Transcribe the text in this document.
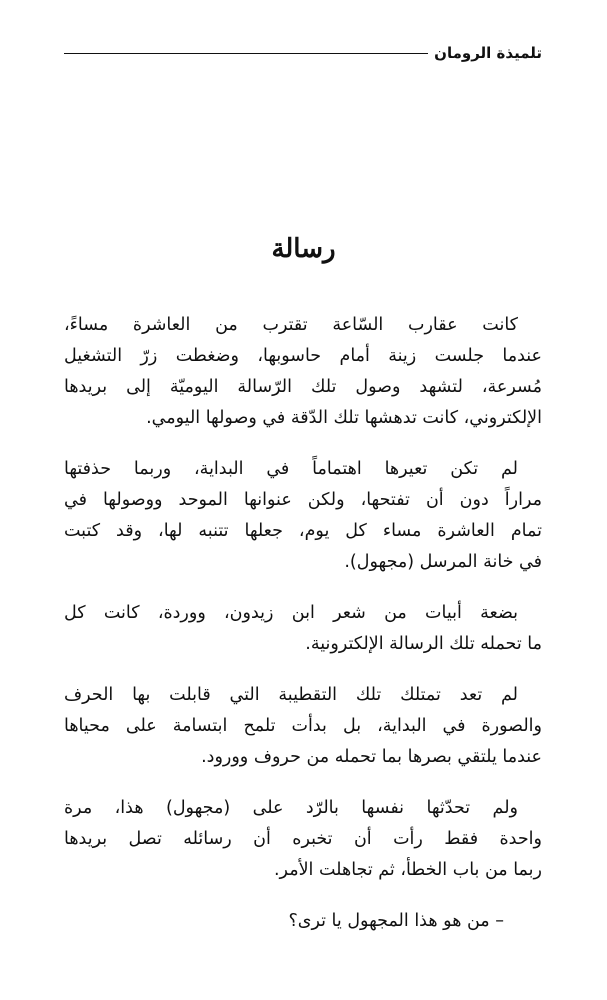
تلميذة الرومان
رسالة

كانت عقارب السّاعة تقترب من العاشرة مساءً،
عندما جلست زينة أمام حاسوبها، وضغطت زرّ التشغيل
مُسرعة، لتشهد وصول تلك الرّسالة اليوميّة إلى بريدها
الإلكتروني، كانت تدهشها تلك الدّقة في وصولها اليومي.

لم تكن تعيرها اهتماماً في البداية، وربما حذفتها
مراراً دون أن تفتحها، ولكن عنوانها الموحد ووصولها في
تمام العاشرة مساء كل يوم، جعلها تتنبه لها، وقد كتبت
في خانة المرسل (مجهول).

بضعة أبيات من شعر ابن زيدون، ووردة، كانت كل
ما تحمله تلك الرسالة الإلكترونية.

لم تعد تمتلك تلك التقطيبة التي قابلت بها الحرف
والصورة في البداية، بل بدأت تلمح ابتسامة على محياها
عندما يلتقي بصرها بما تحمله من حروف وورود.

ولم تحدّثها نفسها بالرّد على (مجهول) هذا، مرة
واحدة فقط رأت أن تخبره أن رسائله تصل بريدها
ربما من باب الخطأ، ثم تجاهلت الأمر.

– من هو هذا المجهول يا ترى؟
